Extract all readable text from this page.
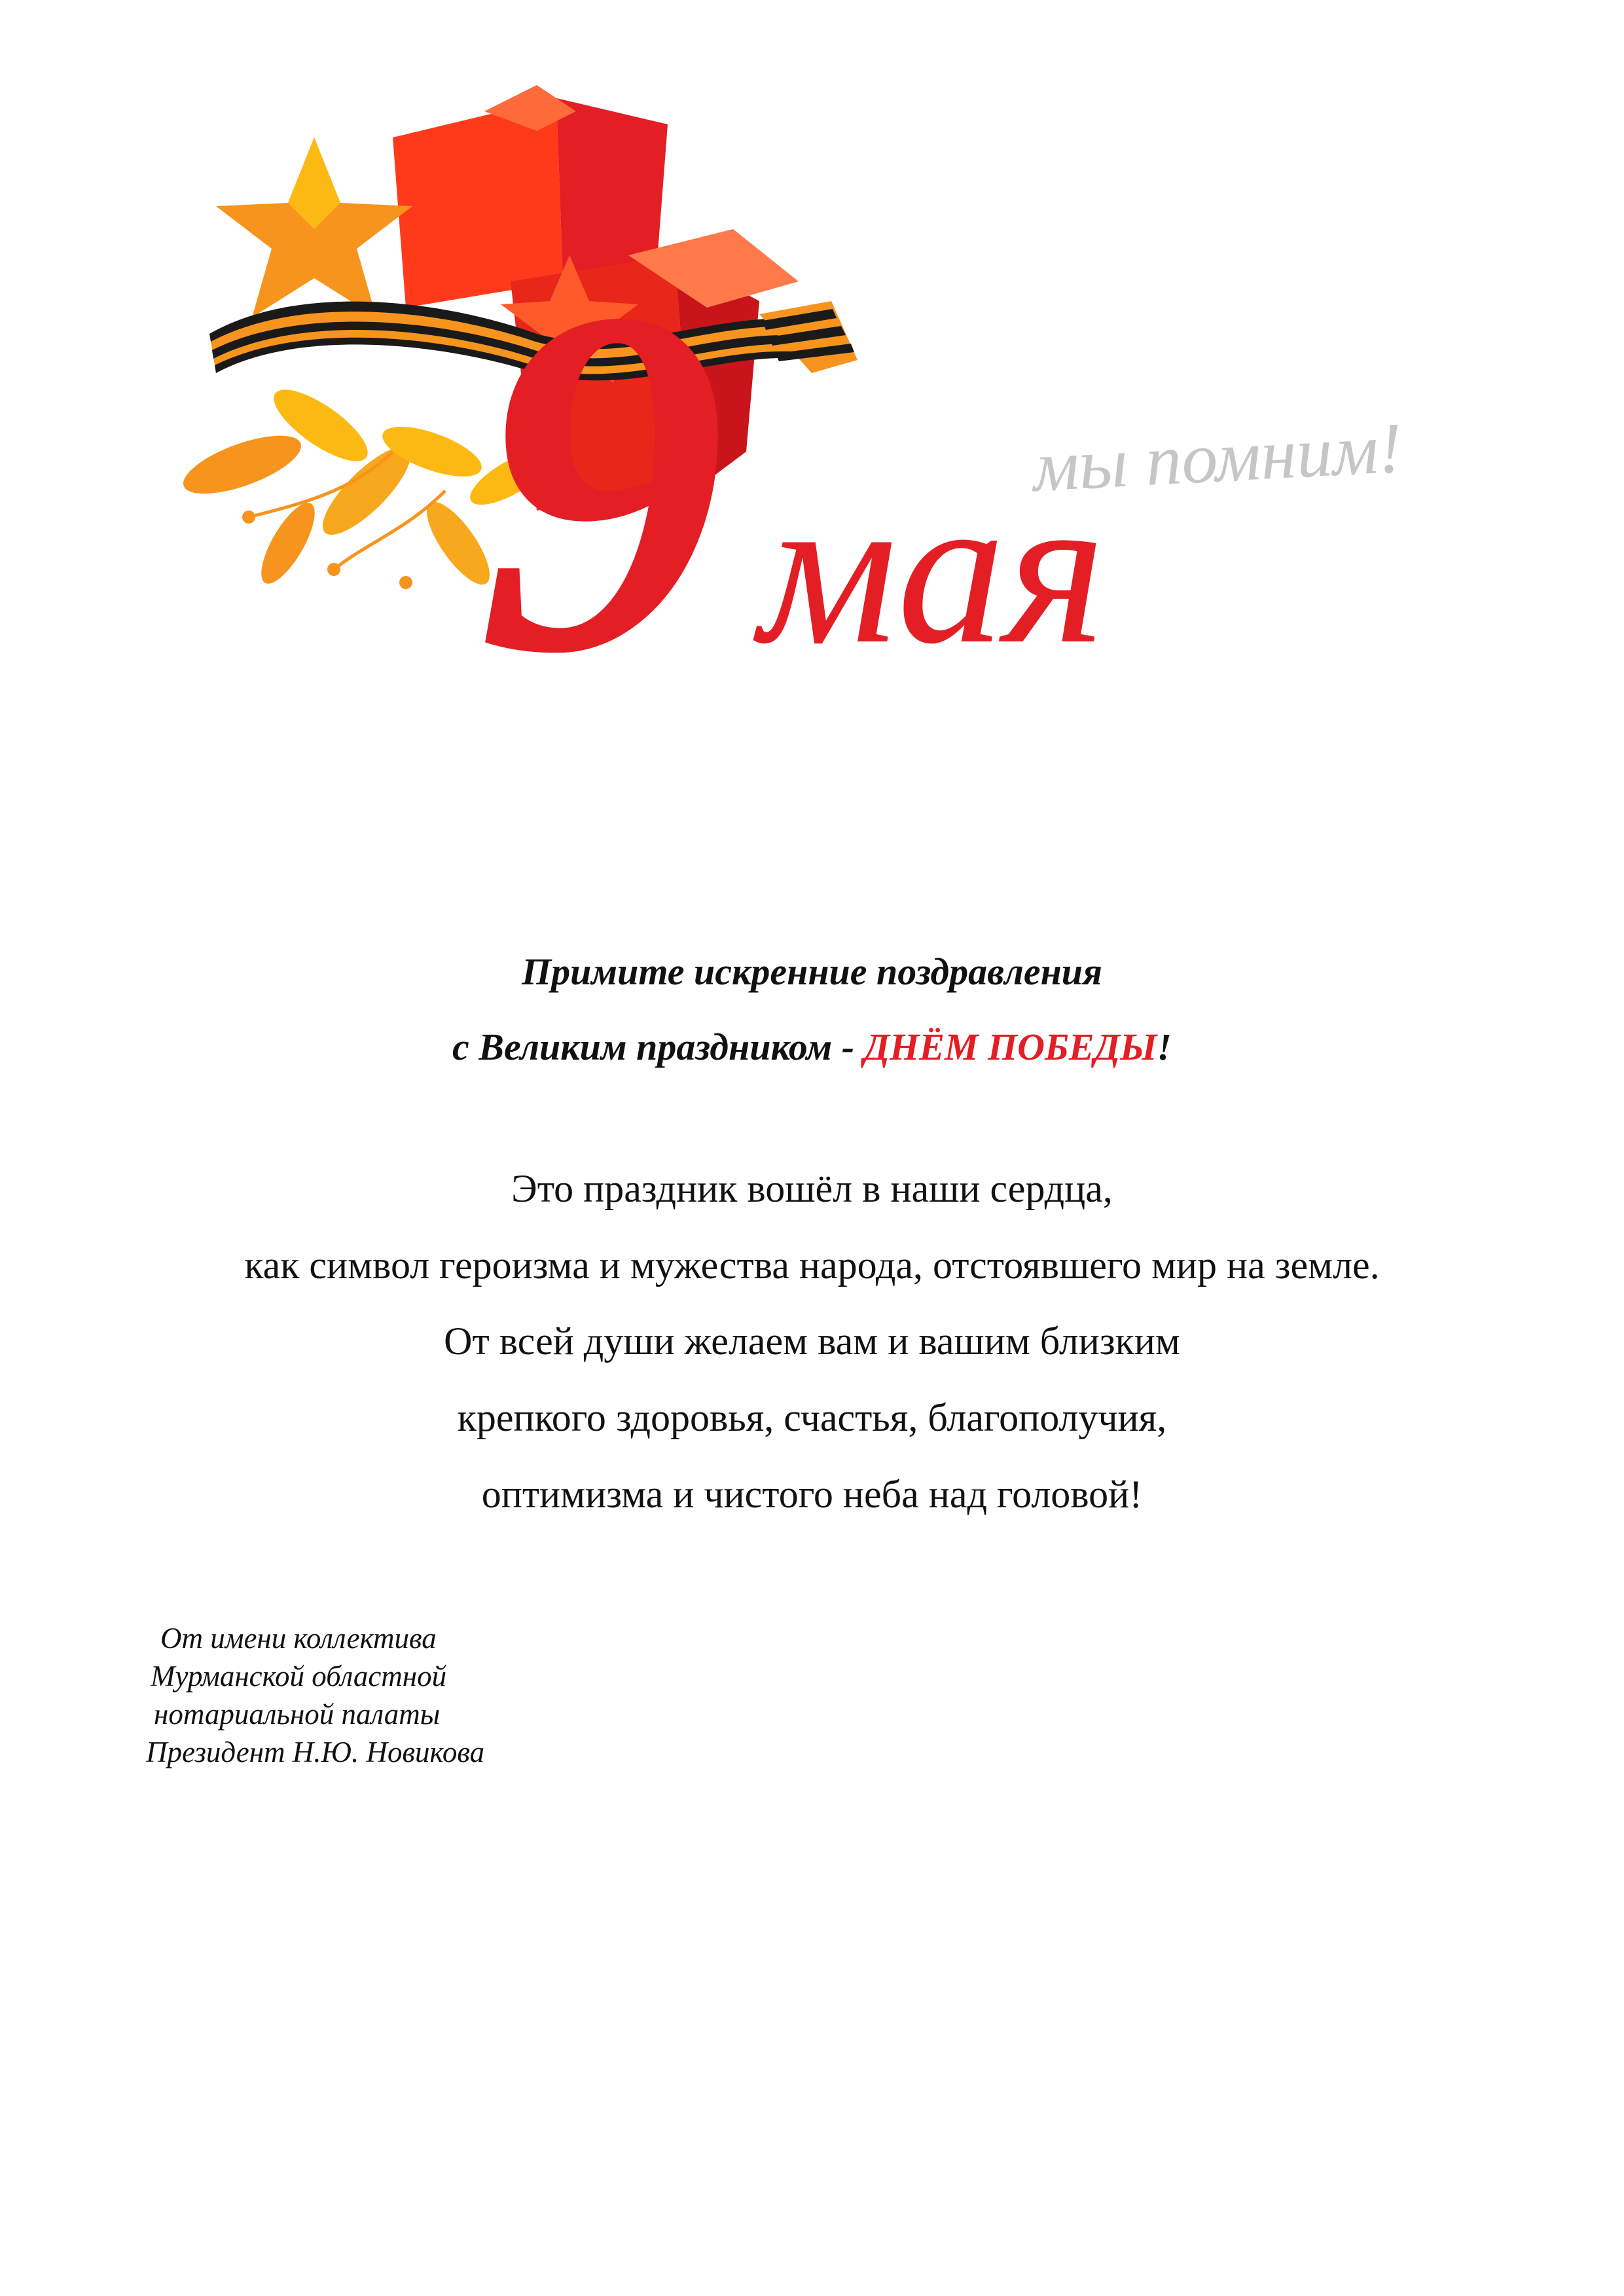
9 мая
мы помним!
Примите искренние поздравления
с Великим праздником - ДНЁМ ПОБЕДЫ!
Это праздник вошёл в наши сердца,
как символ героизма и мужества народа, отстоявшего мир на земле.
От всей души желаем вам и вашим близким
крепкого здоровья, счастья, благополучия,
оптимизма и чистого неба над головой!
От имени коллектива
Мурманской областной
нотариальной палаты
Президент Н.Ю. Новикова
